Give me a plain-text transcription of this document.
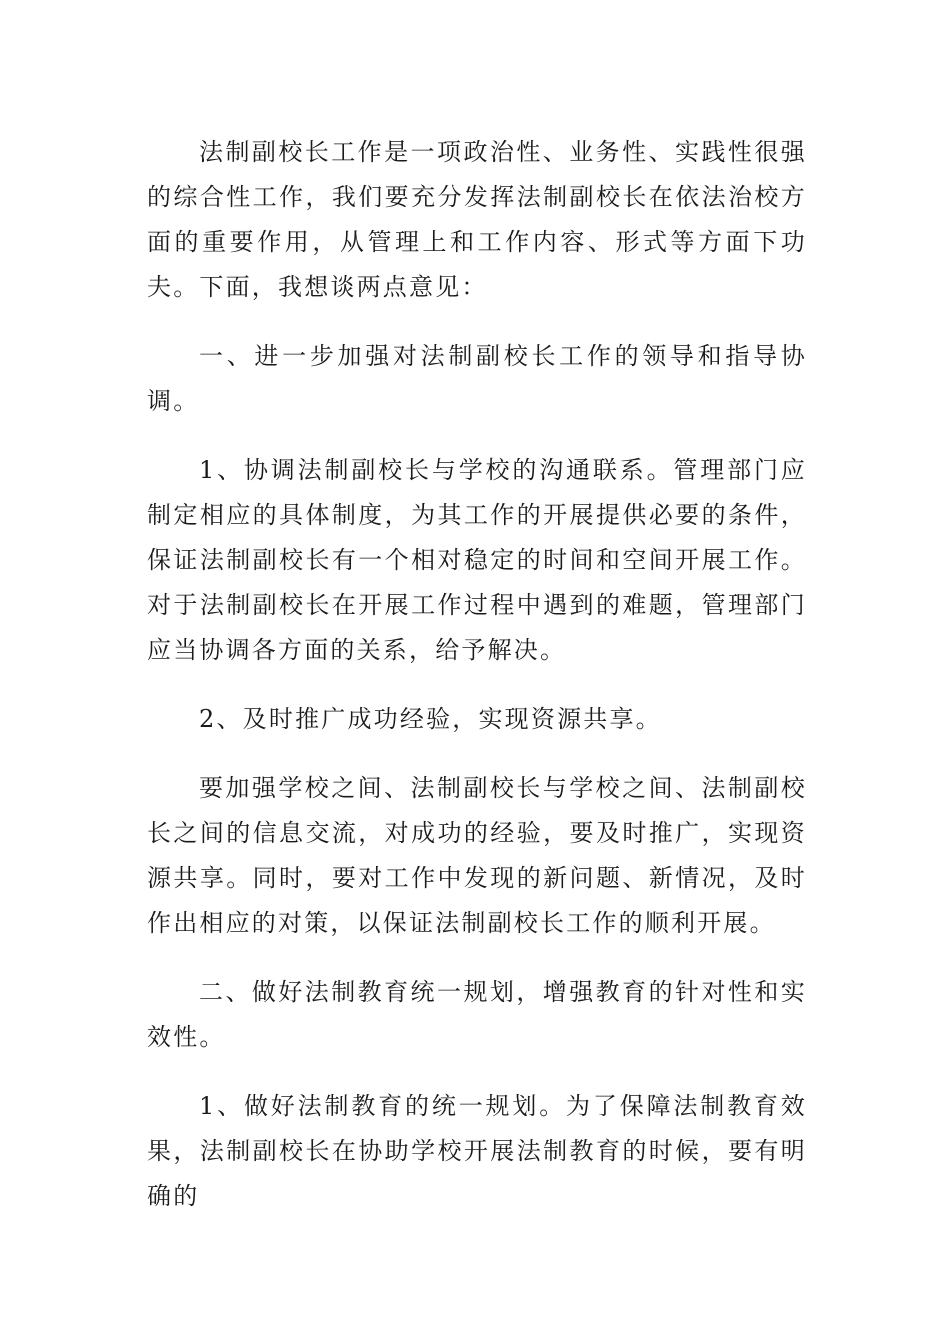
法制副校长工作是一项政治性、业务性、实践性很强的综合性工作，我们要充分发挥法制副校长在依法治校方面的重要作用，从管理上和工作内容、形式等方面下功夫。下面，我想谈两点意见：

一、进一步加强对法制副校长工作的领导和指导协调。

1、协调法制副校长与学校的沟通联系。管理部门应制定相应的具体制度，为其工作的开展提供必要的条件，保证法制副校长有一个相对稳定的时间和空间开展工作。对于法制副校长在开展工作过程中遇到的难题，管理部门应当协调各方面的关系，给予解决。

2、及时推广成功经验，实现资源共享。

要加强学校之间、法制副校长与学校之间、法制副校长之间的信息交流，对成功的经验，要及时推广，实现资源共享。同时，要对工作中发现的新问题、新情况，及时作出相应的对策，以保证法制副校长工作的顺利开展。

二、做好法制教育统一规划，增强教育的针对性和实效性。

1、做好法制教育的统一规划。为了保障法制教育效果，法制副校长在协助学校开展法制教育的时候，要有明确的
